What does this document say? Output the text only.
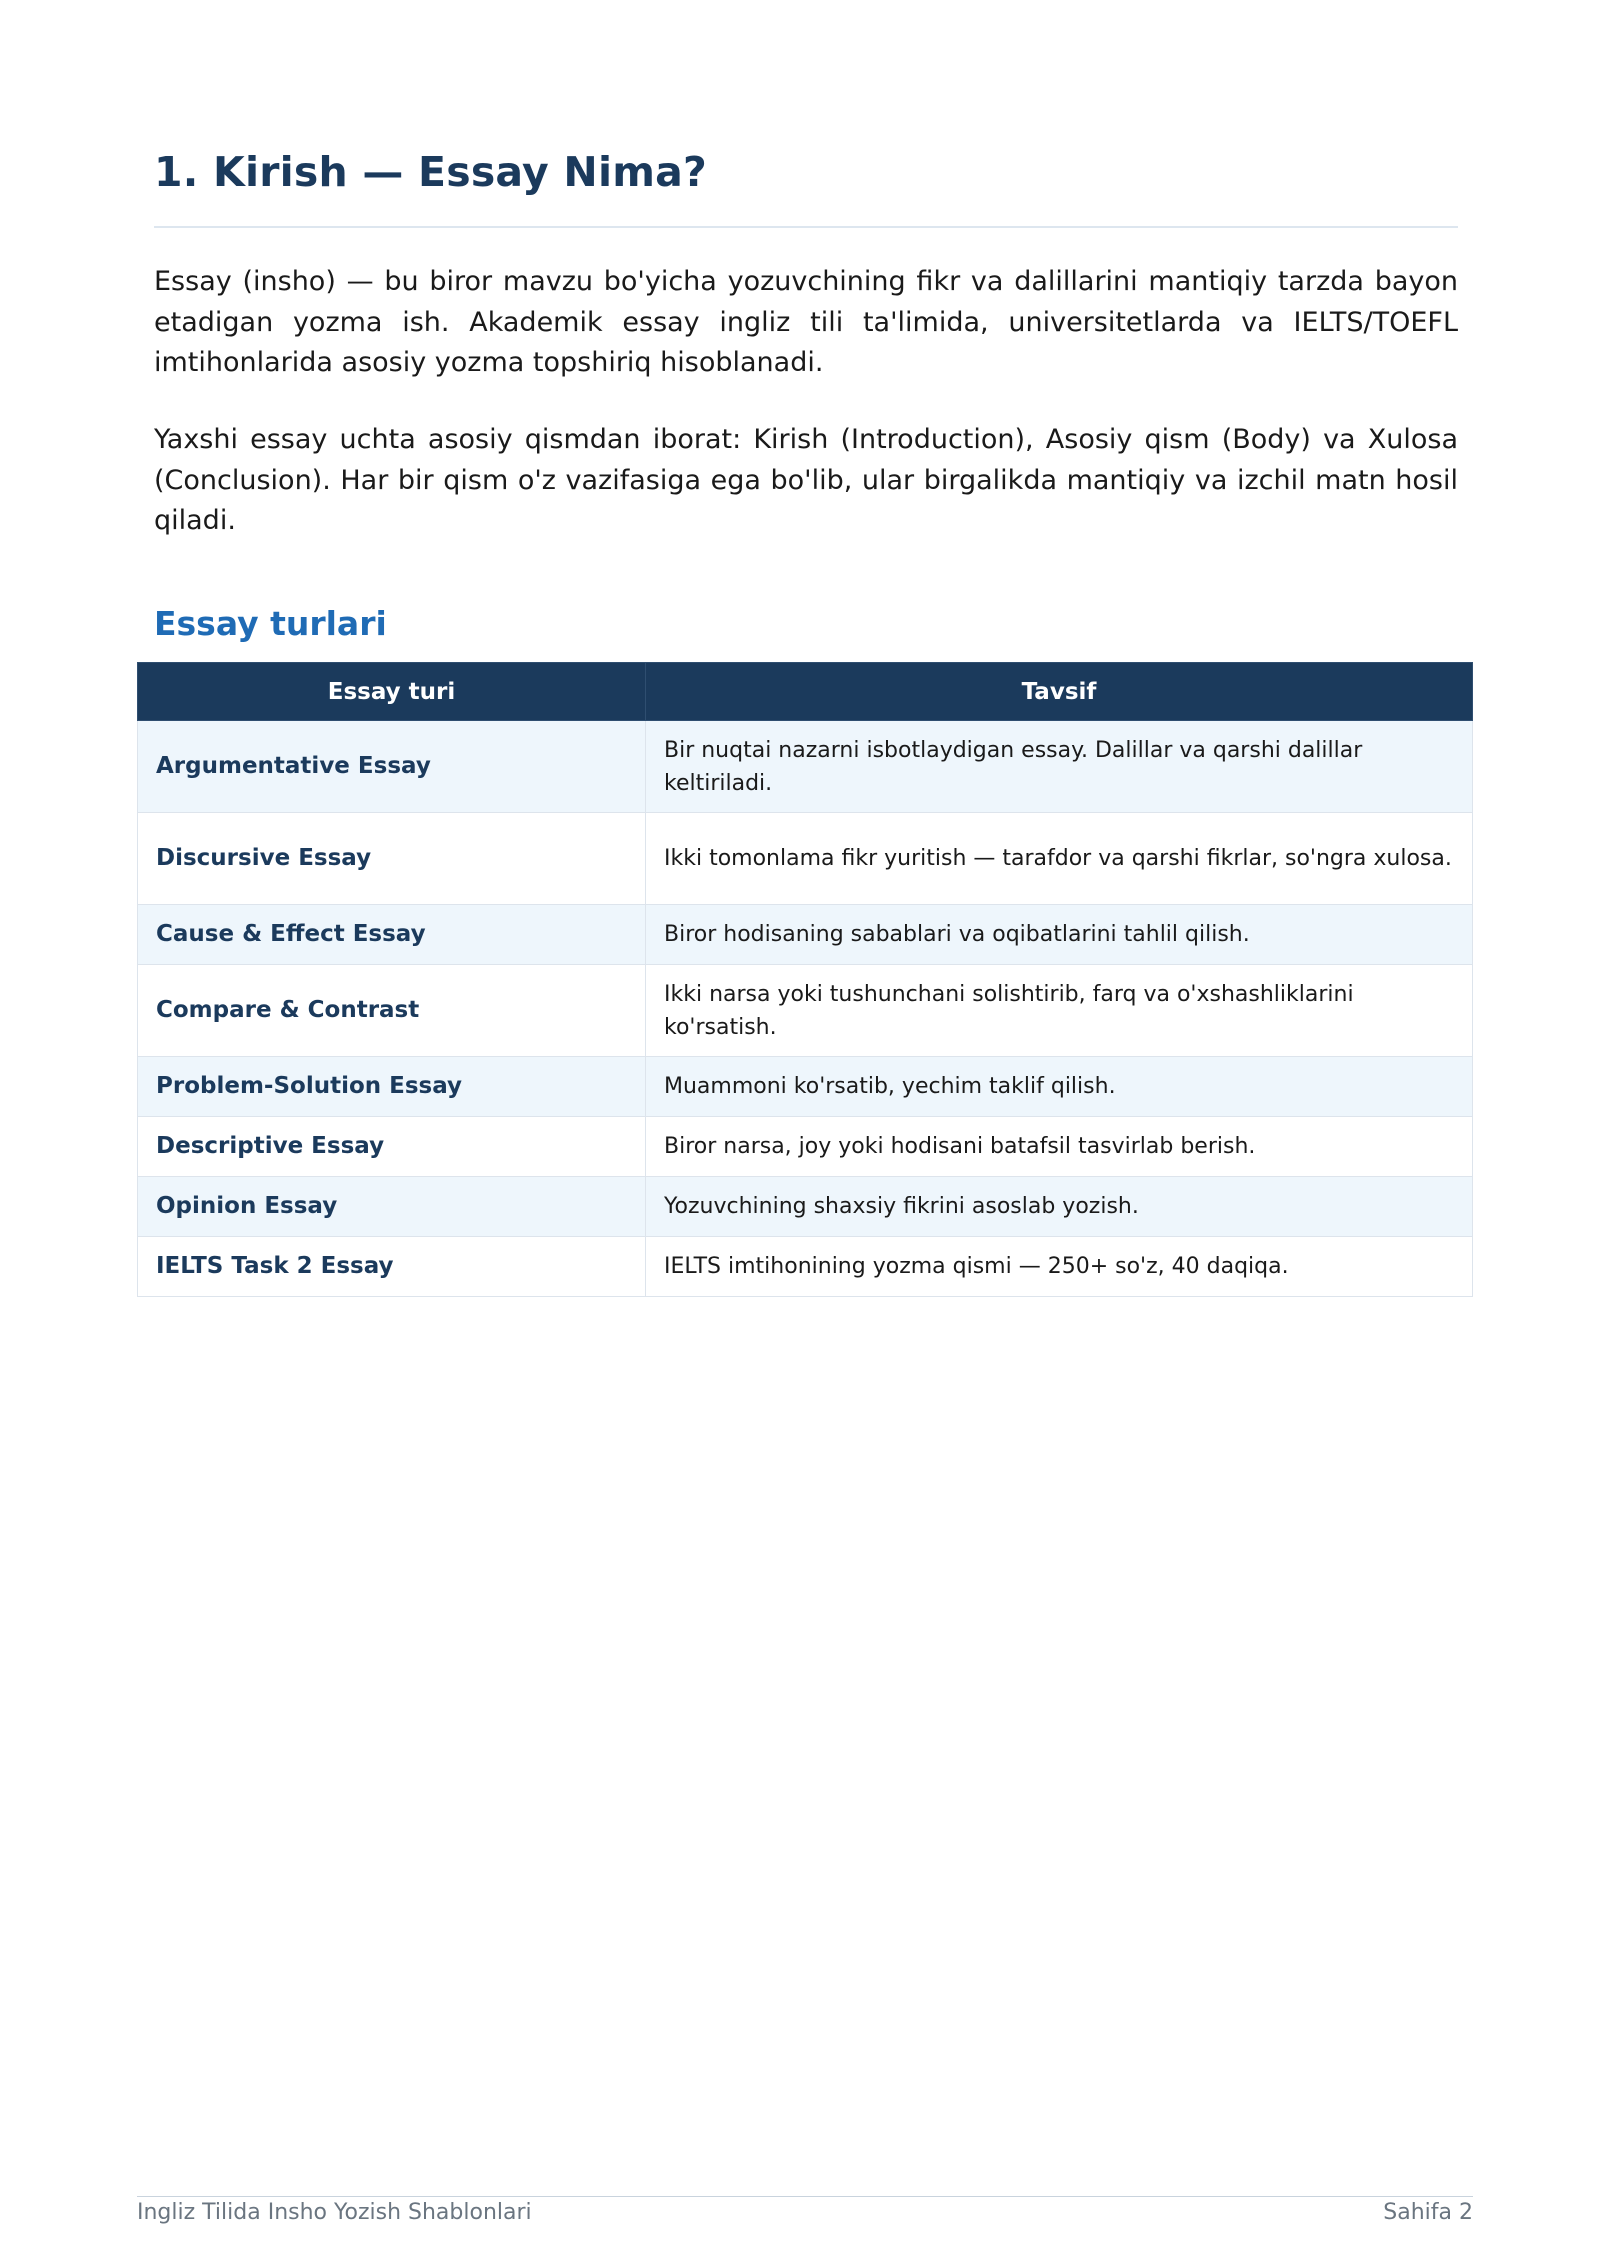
1. Kirish — Essay Nima?

Essay (insho) — bu biror mavzu bo'yicha yozuvchining fikr va dalillarini mantiqiy tarzda bayon etadigan yozma ish. Akademik essay ingliz tili ta'limida, universitetlarda va IELTS/TOEFL imtihonlarida asosiy yozma topshiriq hisoblanadi.

Yaxshi essay uchta asosiy qismdan iborat: Kirish (Introduction), Asosiy qism (Body) va Xulosa (Conclusion). Har bir qism o'z vazifasiga ega bo'lib, ular birgalikda mantiqiy va izchil matn hosil qiladi.

Essay turlari
Essay turi	Tavsif
Argumentative Essay	Bir nuqtai nazarni isbotlaydigan essay. Dalillar va qarshi dalillar keltiriladi.
Discursive Essay	Ikki tomonlama fikr yuritish — tarafdor va qarshi fikrlar, so'ngra xulosa.
Cause & Effect Essay	Biror hodisaning sabablari va oqibatlarini tahlil qilish.
Compare & Contrast	Ikki narsa yoki tushunchani solishtirib, farq va o'xshashliklarini ko'rsatish.
Problem-Solution Essay	Muammoni ko'rsatib, yechim taklif qilish.
Descriptive Essay	Biror narsa, joy yoki hodisani batafsil tasvirlab berish.
Opinion Essay	Yozuvchining shaxsiy fikrini asoslab yozish.
IELTS Task 2 Essay	IELTS imtihonining yozma qismi — 250+ so'z, 40 daqiqa.
Ingliz Tilida Insho Yozish Shablonlari	Sahifa 2
